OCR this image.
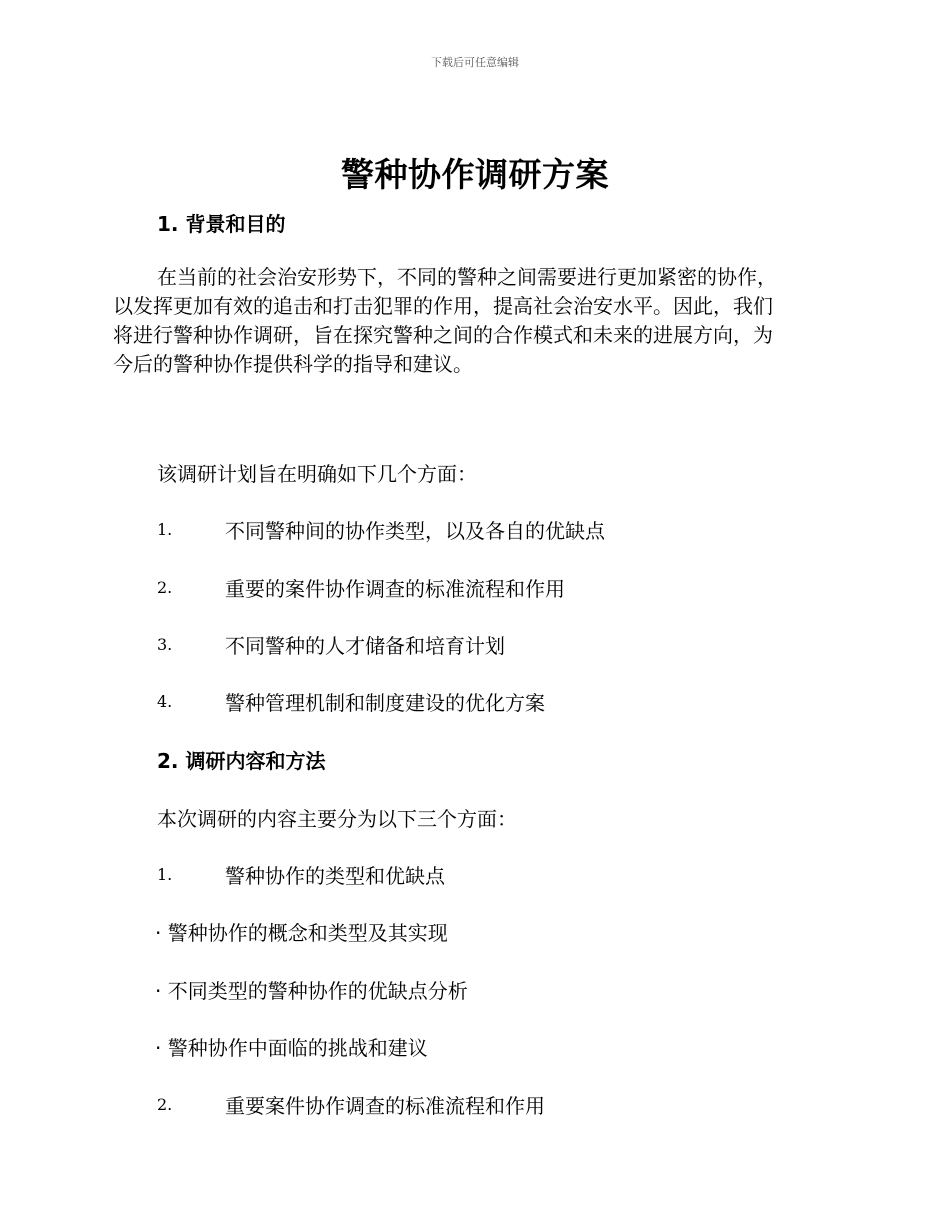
下载后可任意编辑
警种协作调研方案
1. 背景和目的
在当前的社会治安形势下，不同的警种之间需要进行更加紧密的协作，
以发挥更加有效的追击和打击犯罪的作用，提高社会治安水平。因此，我们
将进行警种协作调研，旨在探究警种之间的合作模式和未来的进展方向，为
今后的警种协作提供科学的指导和建议。
该调研计划旨在明确如下几个方面：
1.	不同警种间的协作类型，以及各自的优缺点
2.	重要的案件协作调查的标准流程和作用
3.	不同警种的人才储备和培育计划
4.	警种管理机制和制度建设的优化方案
2. 调研内容和方法
本次调研的内容主要分为以下三个方面：
1.	警种协作的类型和优缺点
· 警种协作的概念和类型及其实现
· 不同类型的警种协作的优缺点分析
· 警种协作中面临的挑战和建议
2.	重要案件协作调查的标准流程和作用
